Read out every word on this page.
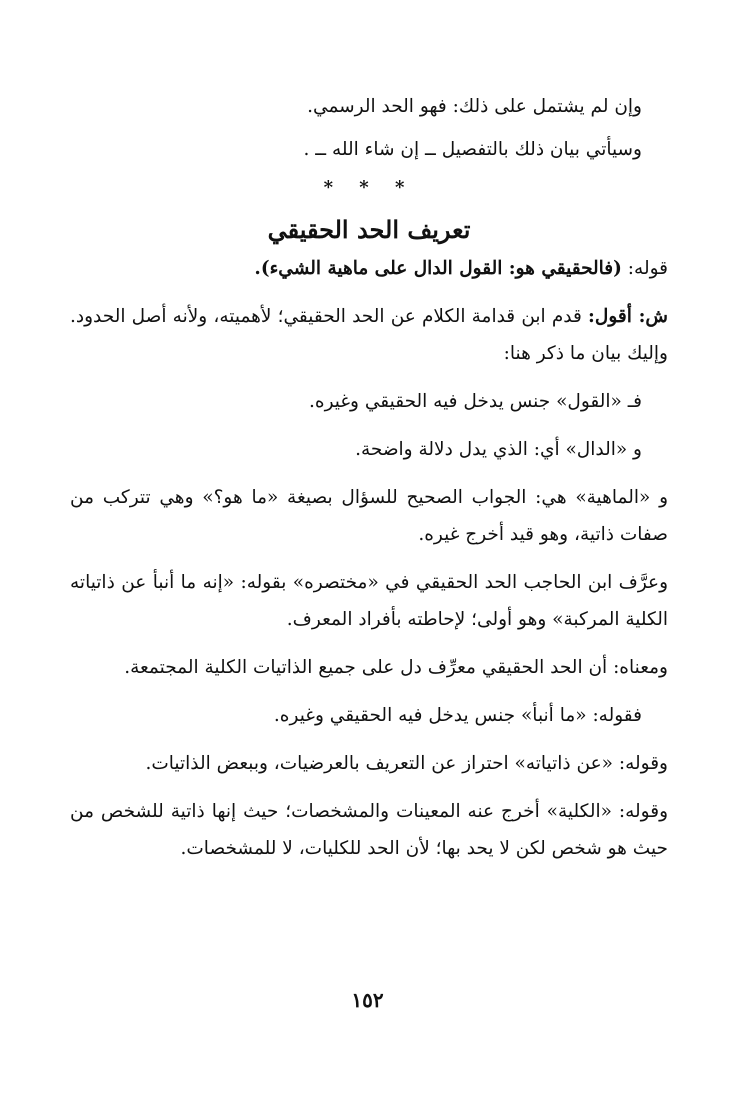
وإن لم يشتمل على ذلك: فهو الحد الرسمي.

وسيأتي بيان ذلك بالتفصيل ــ إن شاء الله ــ .

* * *
تعريف الحد الحقيقي

قوله: (فالحقيقي هو: القول الدال على ماهية الشيء).

ش: أقول: قدم ابن قدامة الكلام عن الحد الحقيقي؛ لأهميته، ولأنه أصل الحدود. وإليك بيان ما ذكر هنا:

فـ «القول» جنس يدخل فيه الحقيقي وغيره.

و «الدال» أي: الذي يدل دلالة واضحة.

و «الماهية» هي: الجواب الصحيح للسؤال بصيغة «ما هو؟» وهي تتركب من صفات ذاتية، وهو قيد أخرج غيره.

وعرَّف ابن الحاجب الحد الحقيقي في «مختصره» بقوله: «إنه ما أنبأ عن ذاتياته الكلية المركبة» وهو أولى؛ لإحاطته بأفراد المعرف.

ومعناه: أن الحد الحقيقي معرِّف دل على جميع الذاتيات الكلية المجتمعة.

فقوله: «ما أنبأ» جنس يدخل فيه الحقيقي وغيره.

وقوله: «عن ذاتياته» احتراز عن التعريف بالعرضيات، وببعض الذاتيات.

وقوله: «الكلية» أخرج عنه المعينات والمشخصات؛ حيث إنها ذاتية للشخص من حيث هو شخص لكن لا يحد بها؛ لأن الحد للكليات، لا للمشخصات.

١٥٢
